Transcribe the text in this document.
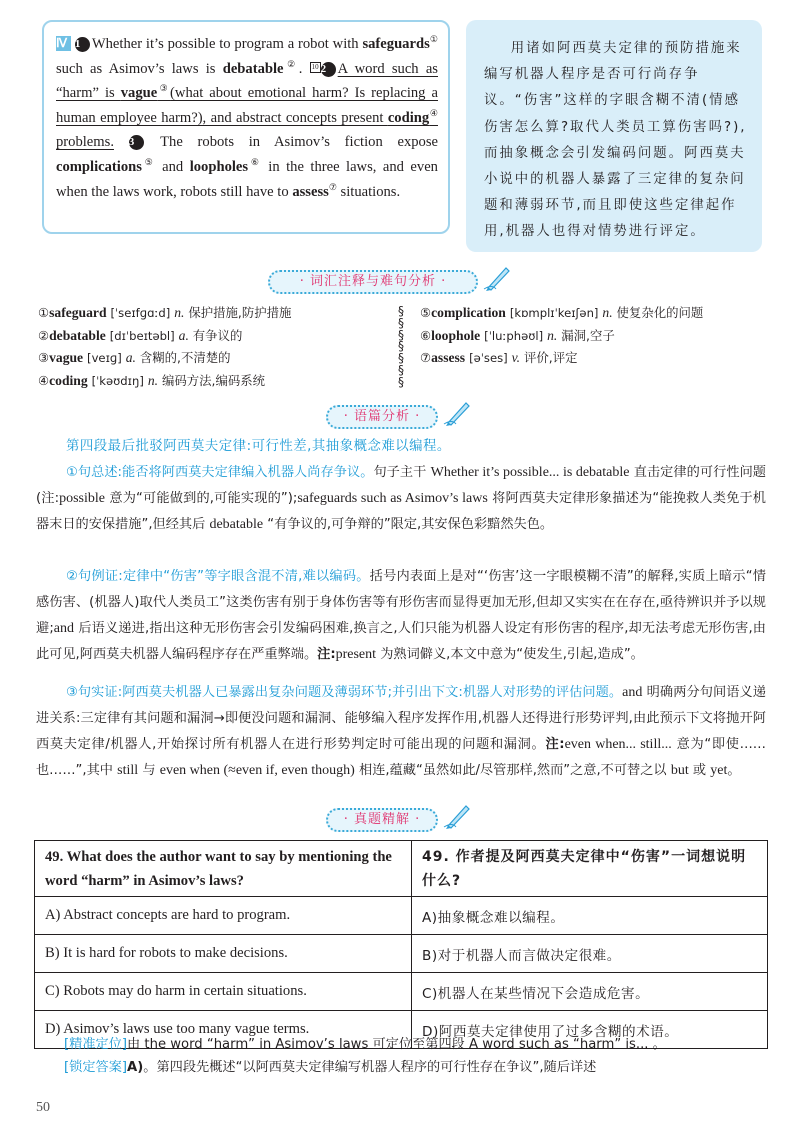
Ⅳ 1 Whether it’s possible to program a robot with safeguards① such as Asimov’s laws is debatable②. 10 2 A word such as “harm” is vague③(what about emotional harm? Is replacing a human employee harm?), and abstract concepts present coding④ problems. 3 The robots in Asimov’s fiction expose complications⑤ and loopholes⑥ in the three laws, and even when the laws work, robots still have to assess⑦ situations.
用诸如阿西莫夫定律的预防措施来编写机器人程序是否可行尚存争议。“伤害”这样的字眼含糊不清(情感伤害怎么算?取代人类员工算伤害吗?),而抽象概念会引发编码问题。阿西莫夫小说中的机器人暴露了三定律的复杂问题和薄弱环节,而且即使这些定律起作用,机器人也得对情势进行评定。
· 词汇注释与难句分析 ·
①safeguard [ˈseɪfɡɑːd] n. 保护措施,防护措施
②debatable [dɪˈbeɪtəbl] a. 有争议的
③vague [veɪɡ] a. 含糊的,不清楚的
④coding [ˈkəʊdɪŋ] n. 编码方法,编码系统
§
§
§
§
§
§
§
⑤complication [kɒmplɪˈkeɪʃən] n. 使复杂化的问题
⑥loophole [ˈluːphəʊl] n. 漏洞,空子
⑦assess [əˈses] v. 评价,评定
· 语篇分析 ·
第四段最后批驳阿西莫夫定律:可行性差,其抽象概念难以编程。
①句总述:能否将阿西莫夫定律编入机器人尚存争议。句子主干 Whether it’s possible... is debatable 直击定律的可行性问题(注:possible 意为“可能做到的,可能实现的”);safeguards such as Asimov’s laws 将阿西莫夫定律形象描述为“能挽救人类免于机器末日的安保措施”,但经其后 debatable “有争议的,可争辩的”限定,其安保色彩黯然失色。
②句例证:定律中“伤害”等字眼含混不清,难以编码。括号内表面上是对“‘伤害’这一字眼模糊不清”的解释,实质上暗示“情感伤害、(机器人)取代人类员工”这类伤害有别于身体伤害等有形伤害而显得更加无形,但却又实实在在存在,亟待辨识并予以规避;and 后语义递进,指出这种无形伤害会引发编码困难,换言之,人们只能为机器人设定有形伤害的程序,却无法考虑无形伤害,由此可见,阿西莫夫机器人编码程序存在严重弊端。注:present 为熟词僻义,本文中意为“使发生,引起,造成”。
③句实证:阿西莫夫机器人已暴露出复杂问题及薄弱环节;并引出下文:机器人对形势的评估问题。and 明确两分句间语义递进关系:三定律有其问题和漏洞→即便没问题和漏洞、能够编入程序发挥作用,机器人还得进行形势评判,由此预示下文将抛开阿西莫夫定律/机器人,开始探讨所有机器人在进行形势判定时可能出现的问题和漏洞。注:even when... still... 意为“即使……也……”,其中 still 与 even when (≈even if, even though) 相连,蕴藏“虽然如此/尽管那样,然而”之意,不可替之以 but 或 yet。
· 真题精解 ·
49. What does the author want to say by mentioning the word “harm” in Asimov’s laws?	49. 作者提及阿西莫夫定律中“伤害”一词想说明什么?
A) Abstract concepts are hard to program.	A)抽象概念难以编程。
B) It is hard for robots to make decisions.	B)对于机器人而言做决定很难。
C) Robots may do harm in certain situations.	C)机器人在某些情况下会造成危害。
D) Asimov’s laws use too many vague terms.	D)阿西莫夫定律使用了过多含糊的术语。
[精准定位]由 the word “harm” in Asimov’s laws 可定位至第四段 A word such as “harm” is... 。
[锁定答案]A)。第四段先概述“以阿西莫夫定律编写机器人程序的可行性存在争议”,随后详述
50
